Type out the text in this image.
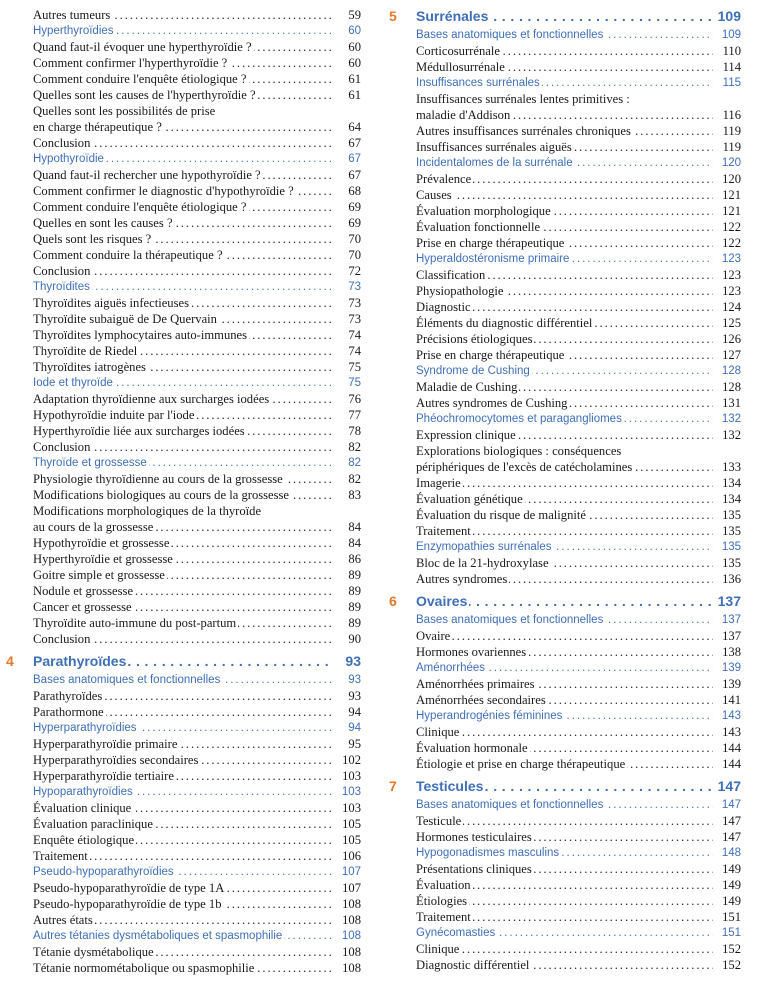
Autres tumeurs . . .	59
Hyperthyroïdies . . .	60
Quand faut-il évoquer une hyperthyroïdie ? . . .	60
Comment confirmer l'hyperthyroïdie ? . . .	60
Comment conduire l'enquête étiologique ? . . .	61
Quelles sont les causes de l'hyperthyroïdie ? . . .	61
Quelles sont les possibilités de prise
en charge thérapeutique ? . . .	64
Conclusion . . .	67
Hypothyroïdie . . .	67
Quand faut-il rechercher une hypothyroïdie ? . . .	67
Comment confirmer le diagnostic d'hypothyroïdie ? . . .	68
Comment conduire l'enquête étiologique ? . . .	69
Quelles en sont les causes ? . . .	69
Quels sont les risques ? . . .	70
Comment conduire la thérapeutique ? . . .	70
Conclusion . . .	72
Thyroïdites . . .	73
Thyroïdites aiguës infectieuses . . .	73
Thyroïdite subaiguë de De Quervain . . .	73
Thyroïdites lymphocytaires auto-immunes . . .	74
Thyroïdite de Riedel . . .	74
Thyroïdites iatrogènes . . .	75
Iode et thyroïde . . .	75
Adaptation thyroïdienne aux surcharges iodées . . .	76
Hypothyroïdie induite par l'iode . . .	77
Hyperthyroïdie liée aux surcharges iodées . . .	78
Conclusion . . .	82
Thyroïde et grossesse . . .	82
Physiologie thyroïdienne au cours de la grossesse . . .	82
Modifications biologiques au cours de la grossesse . . .	83
Modifications morphologiques de la thyroïde
au cours de la grossesse . . .	84
Hypothyroïdie et grossesse . . .	84
Hyperthyroïdie et grossesse . . .	86
Goitre simple et grossesse . . .	89
Nodule et grossesse . . .	89
Cancer et grossesse . . .	89
Thyroïdite auto-immune du post-partum . . .	89
Conclusion . . .	90
4 Parathyroïdes . . .	93
Bases anatomiques et fonctionnelles . . .	93
Parathyroïdes . . .	93
Parathormone . . .	94
Hyperparathyroïdies . . .	94
Hyperparathyroïdie primaire . . .	95
Hyperparathyroïdies secondaires . . .	102
Hyperparathyroïdie tertiaire . . .	103
Hypoparathyroïdies . . .	103
Évaluation clinique . . .	103
Évaluation paraclinique . . .	105
Enquête étiologique . . .	105
Traitement . . .	106
Pseudo-hypoparathyroïdies . . .	107
Pseudo-hypoparathyroïdie de type 1A . . .	107
Pseudo-hypoparathyroïdie de type 1b . . .	108
Autres états . . .	108
Autres tétanies dysmétaboliques et spasmophilie . . .	108
Tétanie dysmétabolique . . .	108
Tétanie normométabolique ou spasmophilie . . .	108
5 Surrénales . . .	109
Bases anatomiques et fonctionnelles . . .	109
Corticosurrénale . . .	110
Médullosurrénale . . .	114
Insuffisances surrénales . . .	115
Insuffisances surrénales lentes primitives :
maladie d'Addison . . .	116
Autres insuffisances surrénales chroniques . . .	119
Insuffisances surrénales aiguës . . .	119
Incidentalomes de la surrénale . . .	120
Prévalence . . .	120
Causes . . .	121
Évaluation morphologique . . .	121
Évaluation fonctionnelle . . .	122
Prise en charge thérapeutique . . .	122
Hyperaldostéronisme primaire . . .	123
Classification . . .	123
Physiopathologie . . .	123
Diagnostic . . .	124
Éléments du diagnostic différentiel . . .	125
Précisions étiologiques . . .	126
Prise en charge thérapeutique . . .	127
Syndrome de Cushing . . .	128
Maladie de Cushing . . .	128
Autres syndromes de Cushing . . .	131
Phéochromocytomes et paragangliomes . . .	132
Expression clinique . . .	132
Explorations biologiques : conséquences
périphériques de l'excès de catécholamines . . .	133
Imagerie . . .	134
Évaluation génétique . . .	134
Évaluation du risque de malignité . . .	135
Traitement . . .	135
Enzymopathies surrénales . . .	135
Bloc de la 21-hydroxylase . . .	135
Autres syndromes . . .	136
6 Ovaires . . .	137
Bases anatomiques et fonctionnelles . . .	137
Ovaire . . .	137
Hormones ovariennes . . .	138
Aménorrhées . . .	139
Aménorrhées primaires . . .	139
Aménorrhées secondaires . . .	141
Hyperandrogénies féminines . . .	143
Clinique . . .	143
Évaluation hormonale . . .	144
Étiologie et prise en charge thérapeutique . . .	144
7 Testicules . . .	147
Bases anatomiques et fonctionnelles . . .	147
Testicule . . .	147
Hormones testiculaires . . .	147
Hypogonadismes masculins . . .	148
Présentations cliniques . . .	149
Évaluation . . .	149
Étiologies . . .	149
Traitement . . .	151
Gynécomasties . . .	151
Clinique . . .	152
Diagnostic différentiel . . .	152
